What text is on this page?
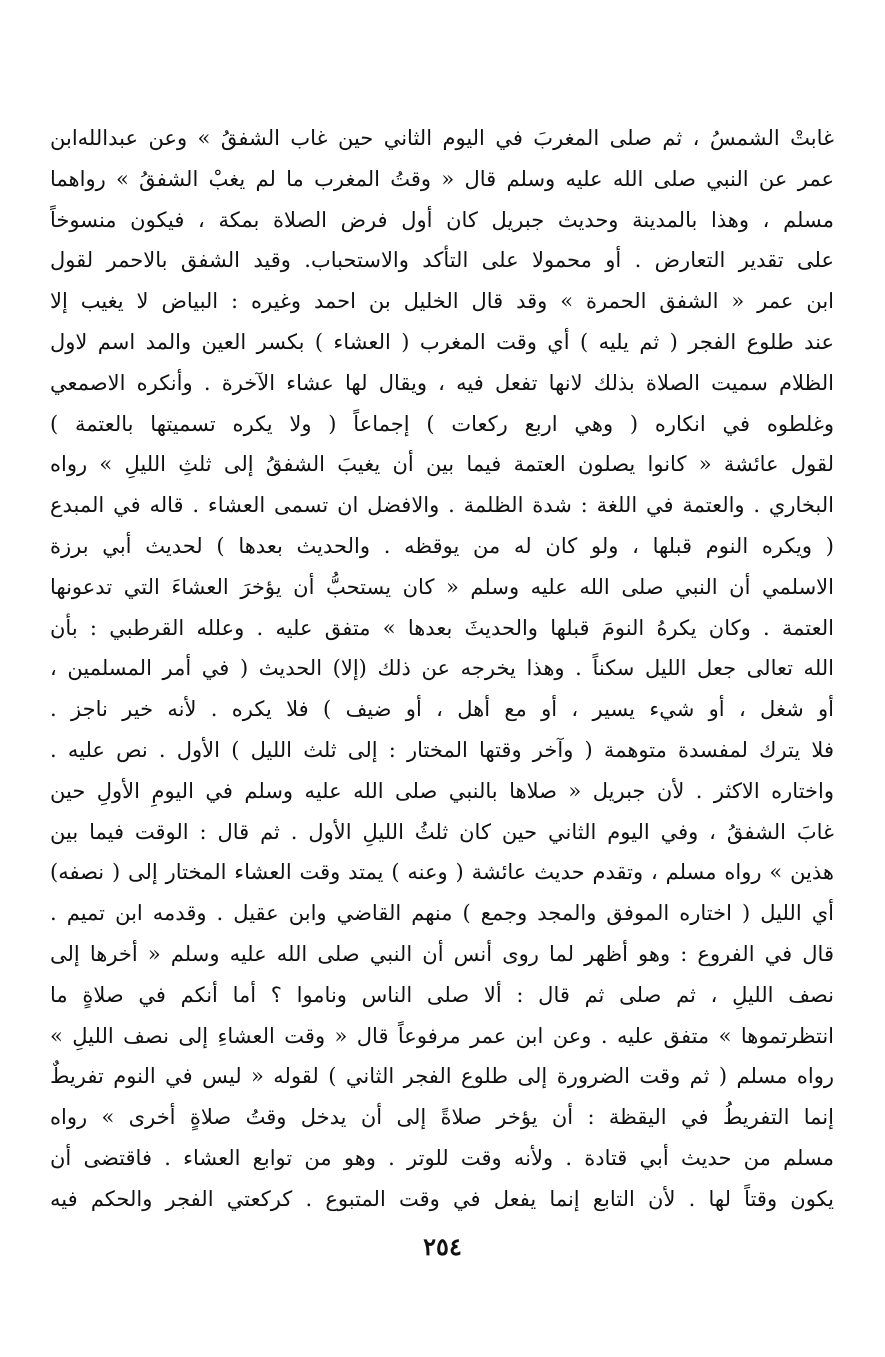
غابتْ الشمسُ ، ثم صلى المغربَ في اليوم الثاني حين غاب الشفقُ » وعن عبدالله‌ابن
عمر عن النبي صلى الله عليه وسلم قال « وقتُ المغرب ما لم يغبْ الشفقُ » رواهما
مسلم ، وهذا بالمدينة وحديث جبريل كان أول فرض الصلاة بمكة ، فيكون منسوخاً
على تقدير التعارض . أو محمولا على التأكد والاستحباب. وقيد الشفق بالاحمر لقول
ابن عمر « الشفق الحمرة » وقد قال الخليل بن احمد وغيره : البياض لا يغيب إلا
عند طلوع الفجر ( ثم يليه ) أي وقت المغرب ( العشاء ) بكسر العين والمد اسم لاول
الظلام سميت الصلاة بذلك لانها تفعل فيه ، ويقال لها عشاء الآخرة . وأنكره الاصمعي
وغلطوه في انكاره ( وهي اربع ركعات ) إجماعاً ( ولا يكره تسميتها بالعتمة )
لقول عائشة « كانوا يصلون العتمة فيما بين أن يغيبَ الشفقُ إلى ثلثِ الليلِ » رواه
البخاري . والعتمة في اللغة : شدة الظلمة . والافضل ان تسمى العشاء . قاله في المبدع
( ويكره النوم قبلها ، ولو كان له من يوقظه . والحديث بعدها ) لحديث أبي برزة
الاسلمي أن النبي صلى الله عليه وسلم « كان يستحبُّ أن يؤخرَ العشاءَ التي تدعونها
العتمة . وكان يكرهُ النومَ قبلها والحديثَ بعدها » متفق عليه . وعلله القرطبي : بأن
الله تعالى جعل الليل سكناً . وهذا يخرجه عن ذلك (إلا) الحديث ( في أمر المسلمين ،
أو شغل ، أو شيء يسير ، أو مع أهل ، أو ضيف ) فلا يكره . لأنه خير ناجز .
فلا يترك لمفسدة متوهمة ( وآخر وقتها المختار : إلى ثلث الليل ) الأول . نص عليه .
واختاره الاكثر . لأن جبريل « صلاها بالنبي صلى الله عليه وسلم في اليومِ الأولِ حين
غابَ الشفقُ ، وفي اليوم الثاني حين كان ثلثُ الليلِ الأول . ثم قال : الوقت فيما بين
هذين » رواه مسلم ، وتقدم حديث عائشة ( وعنه ) يمتد وقت العشاء المختار إلى ( نصفه)
أي الليل ( اختاره الموفق والمجد وجمع ) منهم القاضي وابن عقيل . وقدمه ابن تميم .
قال في الفروع : وهو أظهر لما روى أنس أن النبي صلى الله عليه وسلم « أخرها إلى
نصف الليلِ ، ثم صلى ثم قال : ألا صلى الناس وناموا ؟ أما أنكم في صلاةٍ ما
انتظرتموها » متفق عليه . وعن ابن عمر مرفوعاً قال « وقت العشاءِ إلى نصف الليلِ »
رواه مسلم ( ثم وقت الضرورة إلى طلوع الفجر الثاني ) لقوله « ليس في النوم تفريطٌ
إنما التفريطُ في اليقظة : أن يؤخر صلاةً إلى أن يدخل وقتُ صلاةٍ أخرى » رواه
مسلم من حديث أبي قتادة . ولأنه وقت للوتر . وهو من توابع العشاء . فاقتضى أن
يكون وقتاً لها . لأن التابع إنما يفعل في وقت المتبوع . كركعتي الفجر والحكم فيه
٢٥٤
